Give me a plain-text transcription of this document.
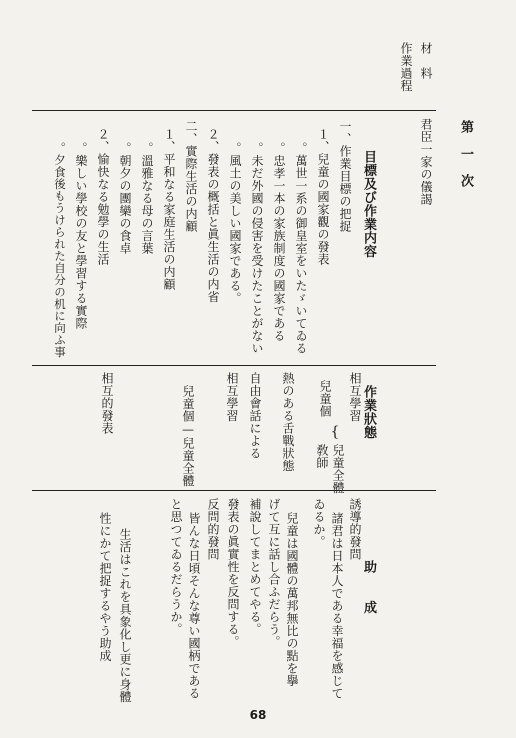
第　一　次
材　料
君臣一家の儀謁
作業過程
目標及び作業内容
作業狀態
助　　成
一、作業目標の把捉
１、兒童の國家觀の發表
。萬世一系の御皇室をいたゞいてゐる
。忠孝一本の家族制度の國家である
。未だ外國の侵害を受けたことがない
。風土の美しい國家である。
２、發表の概括と眞生活の内省
二、實際生活の内顧
１、平和なる家庭生活の内顧
。溫雅なる母の言葉
。朝夕の團欒の食卓
２、愉快なる勉學の生活
。樂しい學校の友と學習する實際
。夕食後もうけられた自分の机に向ふ事
相互學習
兒童個
{
兒童全體
敎師
熱のある舌戰狀態
自由會話による
相互學習
兒童個—兒童全體
相互的發表
誘導的發問
諸君は日本人である幸福を感じて
ゐるか。
兒童は國體の萬邦無比の點を擧
げて互に話し合ふだらう。
補說してまとめてやる。
發表の眞實性を反問する。
反問的發問
皆んな日頃そんな尊い國柄である
と思つてゐるだらうか。
生活はこれを具象化し更に身體
性にかて把捉するやう助成
68
